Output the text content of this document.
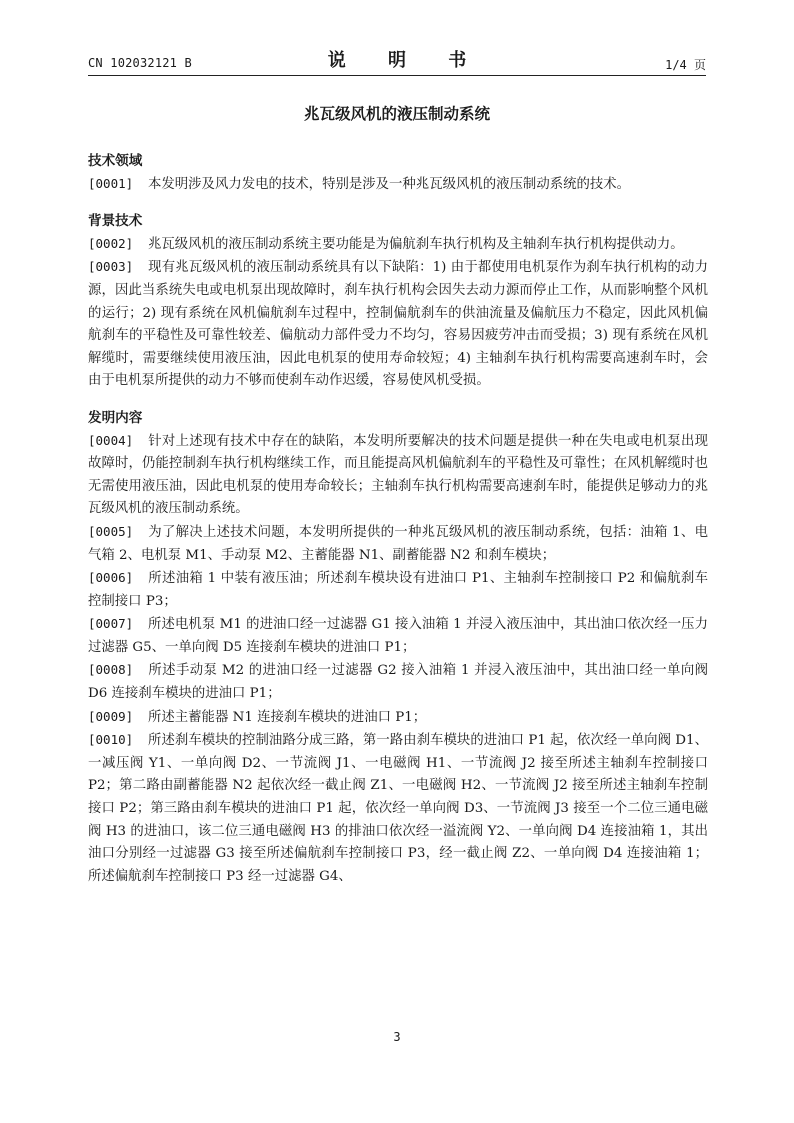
CN 102032121 B	说 明 书	1/4 页
兆瓦级风机的液压制动系统

技术领域

[0001] 本发明涉及风力发电的技术，特别是涉及一种兆瓦级风机的液压制动系统的技术。

背景技术

[0002] 兆瓦级风机的液压制动系统主要功能是为偏航刹车执行机构及主轴刹车执行机构提供动力。

[0003] 现有兆瓦级风机的液压制动系统具有以下缺陷：1) 由于都使用电机泵作为刹车执行机构的动力源，因此当系统失电或电机泵出现故障时，刹车执行机构会因失去动力源而停止工作，从而影响整个风机的运行；2) 现有系统在风机偏航刹车过程中，控制偏航刹车的供油流量及偏航压力不稳定，因此风机偏航刹车的平稳性及可靠性较差、偏航动力部件受力不均匀，容易因疲劳冲击而受损；3) 现有系统在风机解缆时，需要继续使用液压油，因此电机泵的使用寿命较短；4) 主轴刹车执行机构需要高速刹车时，会由于电机泵所提供的动力不够而使刹车动作迟缓，容易使风机受损。

发明内容

[0004] 针对上述现有技术中存在的缺陷，本发明所要解决的技术问题是提供一种在失电或电机泵出现故障时，仍能控制刹车执行机构继续工作，而且能提高风机偏航刹车的平稳性及可靠性；在风机解缆时也无需使用液压油，因此电机泵的使用寿命较长；主轴刹车执行机构需要高速刹车时，能提供足够动力的兆瓦级风机的液压制动系统。

[0005] 为了解决上述技术问题，本发明所提供的一种兆瓦级风机的液压制动系统，包括：油箱 1、电气箱 2、电机泵 M1、手动泵 M2、主蓄能器 N1、副蓄能器 N2 和刹车模块；

[0006] 所述油箱 1 中装有液压油；所述刹车模块设有进油口 P1、主轴刹车控制接口 P2 和偏航刹车控制接口 P3；

[0007] 所述电机泵 M1 的进油口经一过滤器 G1 接入油箱 1 并浸入液压油中，其出油口依次经一压力过滤器 G5、一单向阀 D5 连接刹车模块的进油口 P1；

[0008] 所述手动泵 M2 的进油口经一过滤器 G2 接入油箱 1 并浸入液压油中，其出油口经一单向阀 D6 连接刹车模块的进油口 P1；

[0009] 所述主蓄能器 N1 连接刹车模块的进油口 P1；

[0010] 所述刹车模块的控制油路分成三路，第一路由刹车模块的进油口 P1 起，依次经一单向阀 D1、一减压阀 Y1、一单向阀 D2、一节流阀 J1、一电磁阀 H1、一节流阀 J2 接至所述主轴刹车控制接口 P2；第二路由副蓄能器 N2 起依次经一截止阀 Z1、一电磁阀 H2、一节流阀 J2 接至所述主轴刹车控制接口 P2；第三路由刹车模块的进油口 P1 起，依次经一单向阀 D3、一节流阀 J3 接至一个二位三通电磁阀 H3 的进油口，该二位三通电磁阀 H3 的排油口依次经一溢流阀 Y2、一单向阀 D4 连接油箱 1，其出油口分别经一过滤器 G3 接至所述偏航刹车控制接口 P3，经一截止阀 Z2、一单向阀 D4 连接油箱 1；所述偏航刹车控制接口 P3 经一过滤器 G4、

3
